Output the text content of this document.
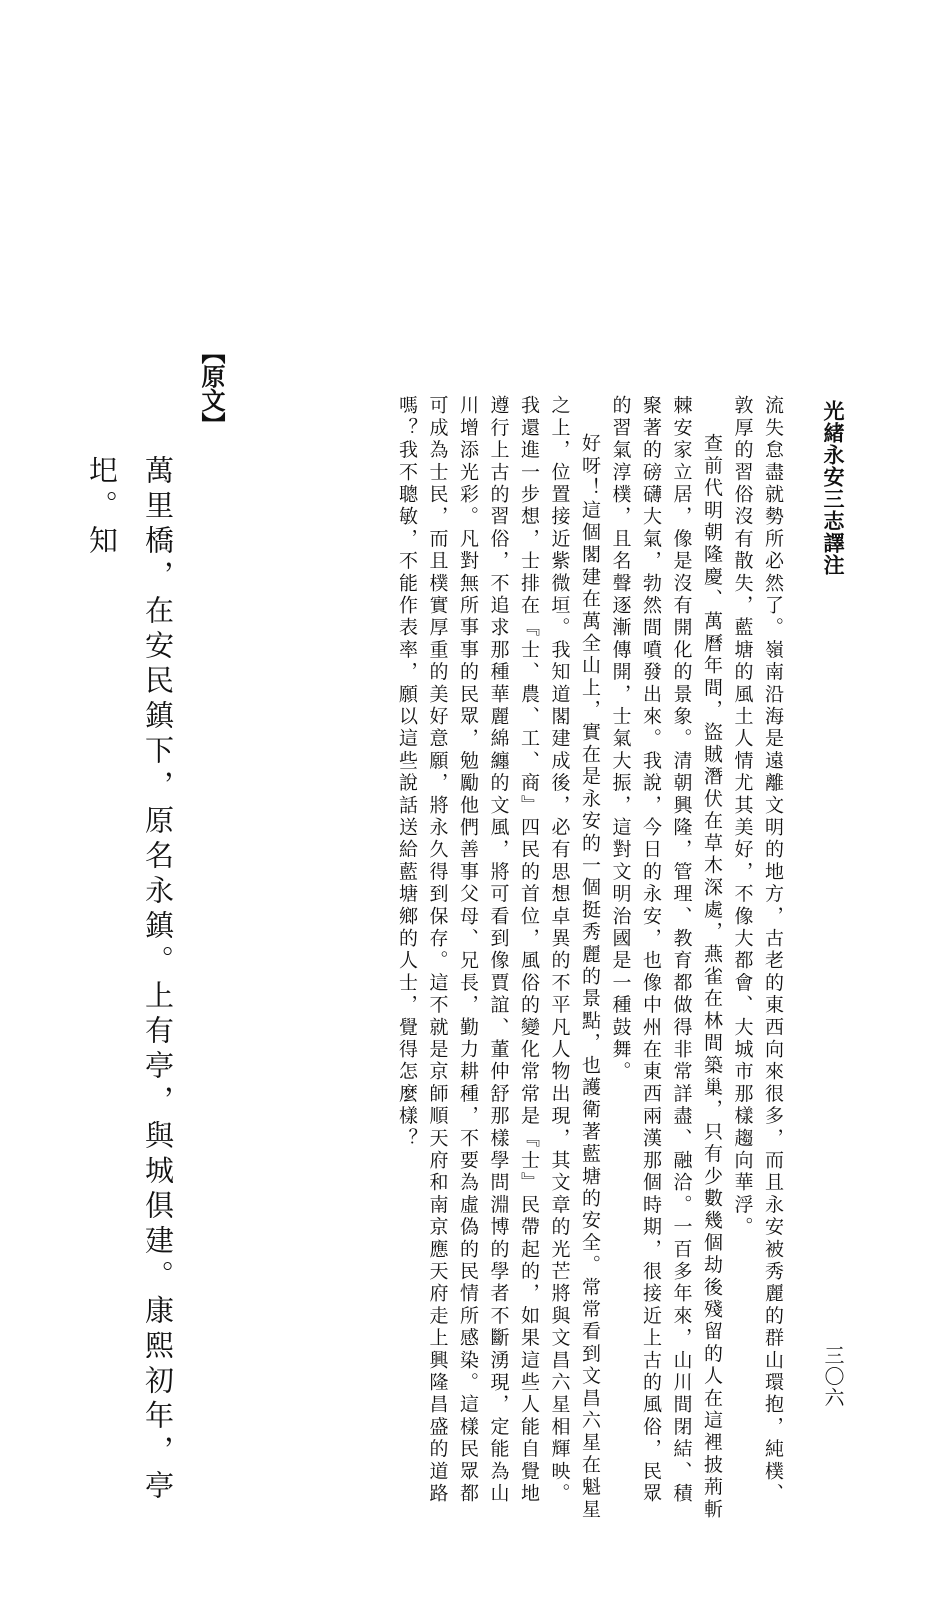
光緒永安三志譯注
三〇六

流失怠盡就勢所必然了。嶺南沿海是遠離文明的地方，古老的東西向來很多，而且永安被秀麗的群山環抱，純樸、敦厚的習俗沒有散失，藍塘的風土人情尤其美好，不像大都會、大城市那樣趨向華浮。

查前代明朝隆慶、萬曆年間，盜賊潛伏在草木深處，燕雀在林間築巢，只有少數幾個劫後殘留的人在這裡披荊斬棘安家立居，像是沒有開化的景象。清朝興隆，管理、教育都做得非常詳盡、融洽。一百多年來，山川間閉結、積聚著的磅礴大氣，勃然間噴發出來。我說，今日的永安，也像中州在東西兩漢那個時期，很接近上古的風俗，民眾的習氣淳樸，且名聲逐漸傳開，士氣大振，這對文明治國是一種鼓舞。

好呀！這個閣建在萬全山上，實在是永安的一個挺秀麗的景點，也護衛著藍塘的安全。常常看到文昌六星在魁星之上，位置接近紫微垣。我知道閣建成後，必有思想卓異的不平凡人物出現，其文章的光芒將與文昌六星相輝映。我還進一步想，士排在『士、農、工、商』四民的首位，風俗的變化常常是『士』民帶起的，如果這些人能自覺地遵行上古的習俗，不追求那種華麗綿纏的文風，將可看到像賈誼、董仲舒那樣學問淵博的學者不斷湧現，定能為山川增添光彩。凡對無所事事的民眾，勉勵他們善事父母、兄長，勤力耕種，不要為虛偽的民情所感染。這樣民眾都可成為士民，而且樸實厚重的美好意願，將永久得到保存。這不就是京師順天府和南京應天府走上興隆昌盛的道路嗎？我不聰敏，不能作表率，願以這些說話送給藍塘鄉的人士，覺得怎麼樣？

【原文】
萬里橋，在安民鎮下，原名永鎮。上有亭，與城俱建。康熙初年，亭圯。知
